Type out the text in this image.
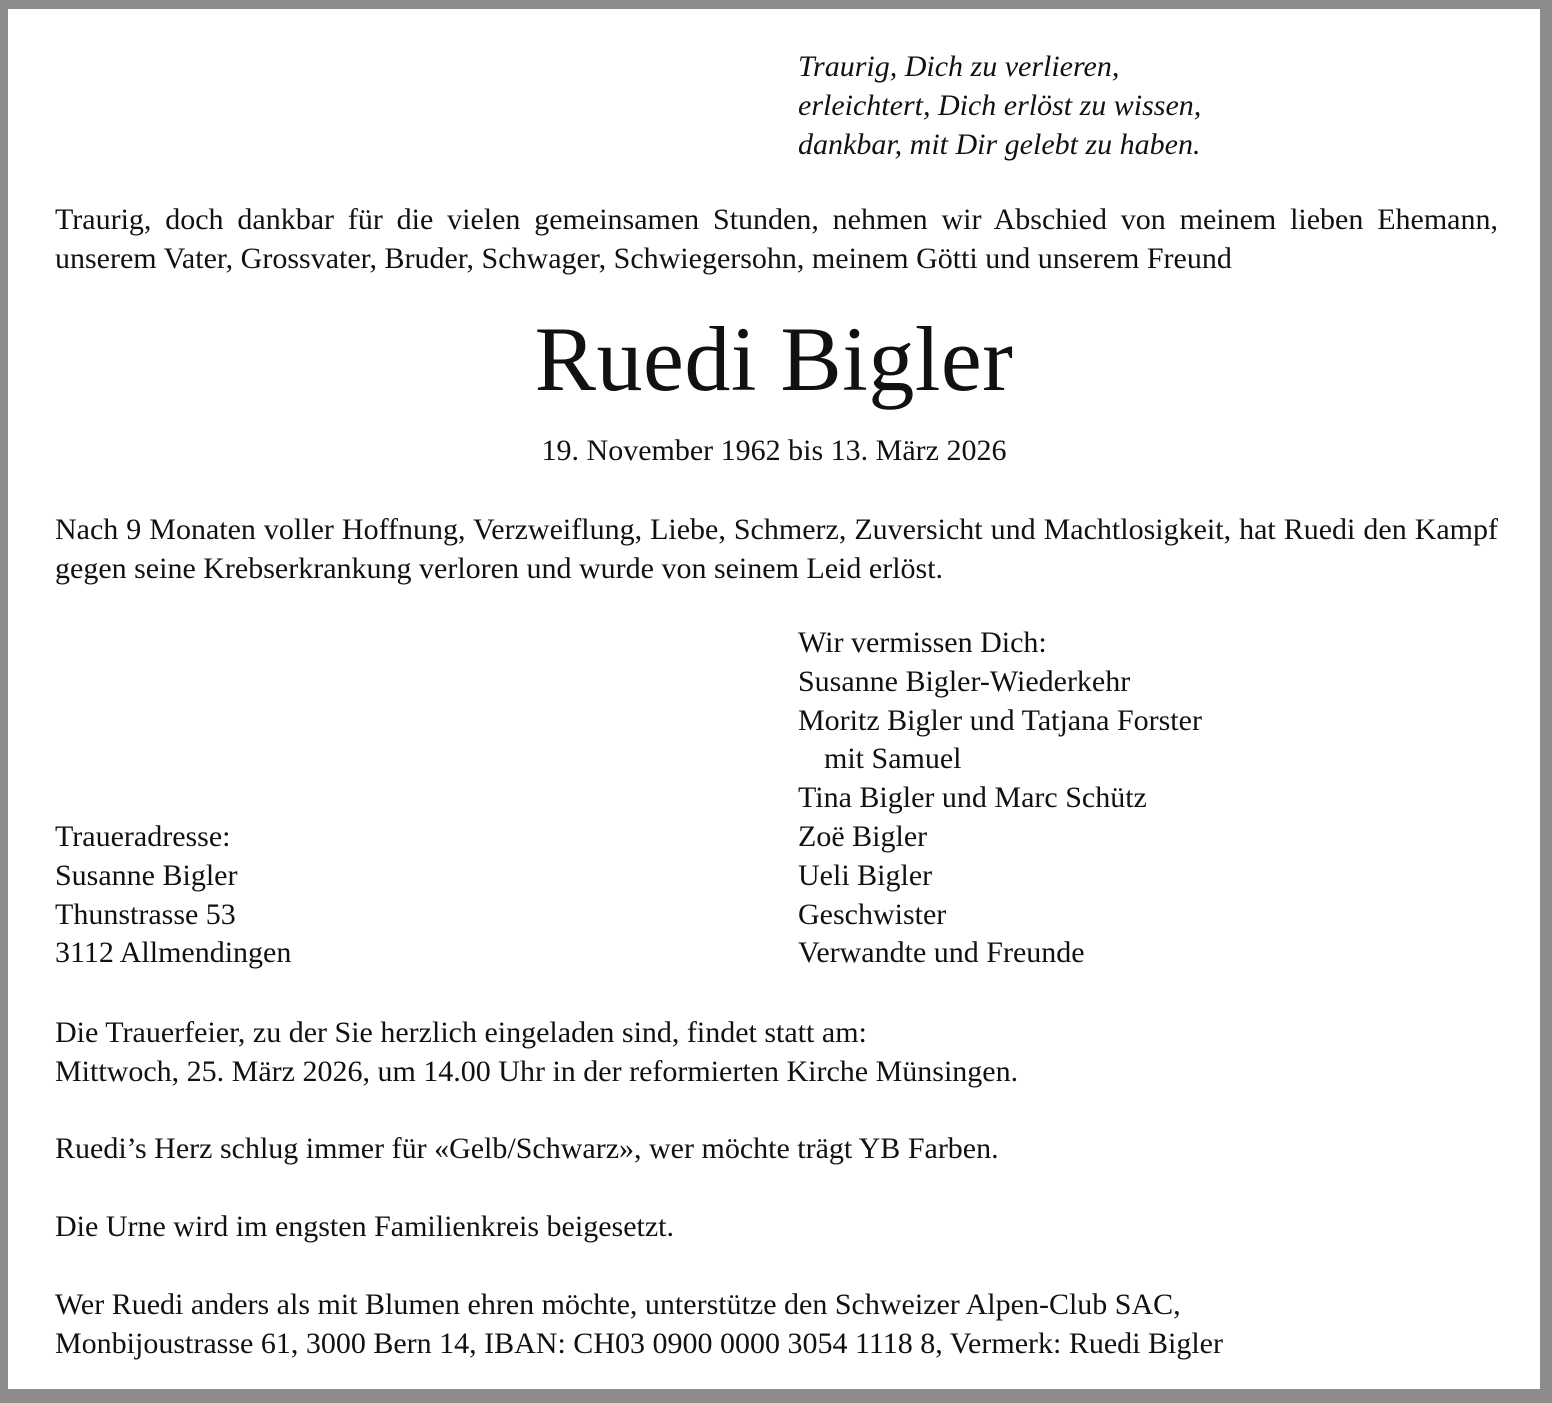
Traurig, Dich zu verlieren,
erleichtert, Dich erlöst zu wissen,
dankbar, mit Dir gelebt zu haben.
Traurig, doch dankbar für die vielen gemeinsamen Stunden, nehmen wir Abschied von meinem lieben Ehemann, unserem Vater, Grossvater, Bruder, Schwager, Schwiegersohn, meinem Götti und unserem Freund
Ruedi Bigler
19. November 1962 bis 13. März 2026
Nach 9 Monaten voller Hoffnung, Verzweiflung, Liebe, Schmerz, Zuversicht und Machtlosigkeit, hat Ruedi den Kampf gegen seine Krebserkrankung verloren und wurde von seinem Leid erlöst.
Wir vermissen Dich:
Susanne Bigler-Wiederkehr
Moritz Bigler und Tatjana Forster
mit Samuel
Tina Bigler und Marc Schütz
Zoë Bigler
Ueli Bigler
Geschwister
Verwandte und Freunde
Traueradresse:
Susanne Bigler
Thunstrasse 53
3112 Allmendingen
Die Trauerfeier, zu der Sie herzlich eingeladen sind, findet statt am:
Mittwoch, 25. März 2026, um 14.00 Uhr in der reformierten Kirche Münsingen.
Ruedi’s Herz schlug immer für «Gelb/Schwarz», wer möchte trägt YB Farben.
Die Urne wird im engsten Familienkreis beigesetzt.
Wer Ruedi anders als mit Blumen ehren möchte, unterstütze den Schweizer Alpen-Club SAC,
Monbijoustrasse 61, 3000 Bern 14, IBAN: CH03 0900 0000 3054 1118 8, Vermerk: Ruedi Bigler
